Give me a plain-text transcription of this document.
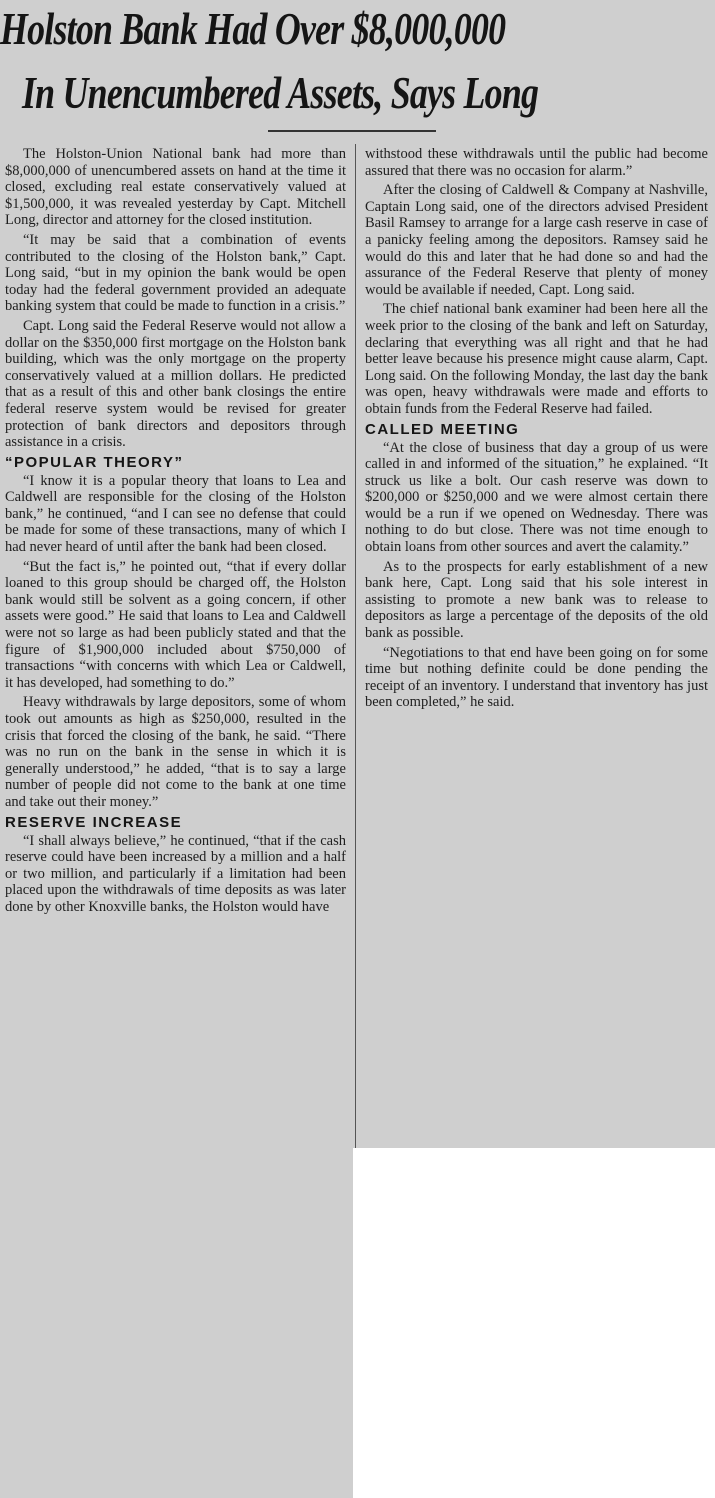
Holston Bank Had Over $8,000,000
In Unencumbered Assets, Says Long

withstood these withdrawals until the public had become assured that there was no occasion for alarm.”

After the closing of Caldwell & Company at Nashville, Captain Long said, one of the directors advised President Basil Ramsey to arrange for a large cash reserve in case of a panicky feeling among the depositors. Ramsey said he would do this and later that he had done so and had the assurance of the Federal Reserve that plenty of money would be available if needed, Capt. Long said.

The chief national bank examiner had been here all the week prior to the closing of the bank and left on Saturday, declaring that everything was all right and that he had better leave because his presence might cause alarm, Capt. Long said. On the following Monday, the last day the bank was open, heavy withdrawals were made and efforts to obtain funds from the Federal Reserve had failed.

CALLED MEETING

“At the close of business that day a group of us were called in and informed of the situation,” he explained. “It struck us like a bolt. Our cash reserve was down to $200,000 or $250,000 and we were almost certain there would be a run if we opened on Wednesday. There was nothing to do but close. There was not time enough to obtain loans from other sources and avert the calamity.”

As to the prospects for early establishment of a new bank here, Capt. Long said that his sole interest in assisting to promote a new bank was to release to depositors as large a percentage of the deposits of the old bank as possible.

“Negotiations to that end have been going on for some time but nothing definite could be done pending the receipt of an inventory. I understand that inventory has just been completed,” he said.

The Holston-Union National bank had more than $8,000,000 of unencumbered assets on hand at the time it closed, excluding real estate conservatively valued at $1,500,000, it was revealed yesterday by Capt. Mitchell Long, director and attorney for the closed institution.

“It may be said that a combination of events contributed to the closing of the Holston bank,” Capt. Long said, “but in my opinion the bank would be open today had the federal government provided an adequate banking system that could be made to function in a crisis.”

Capt. Long said the Federal Reserve would not allow a dollar on the $350,000 first mortgage on the Holston bank building, which was the only mortgage on the property conservatively valued at a million dollars. He predicted that as a result of this and other bank closings the entire federal reserve system would be revised for greater protection of bank directors and depositors through assistance in a crisis.

“POPULAR THEORY”

“I know it is a popular theory that loans to Lea and Caldwell are responsible for the closing of the Holston bank,” he continued, “and I can see no defense that could be made for some of these transactions, many of which I had never heard of until after the bank had been closed.

“But the fact is,” he pointed out, “that if every dollar loaned to this group should be charged off, the Holston bank would still be solvent as a going concern, if other assets were good.” He said that loans to Lea and Caldwell were not so large as had been publicly stated and that the figure of $1,900,000 included about $750,000 of transactions “with concerns with which Lea or Caldwell, it has developed, had something to do.”

Heavy withdrawals by large depositors, some of whom took out amounts as high as $250,000, resulted in the crisis that forced the closing of the bank, he said. “There was no run on the bank in the sense in which it is generally understood,” he added, “that is to say a large number of people did not come to the bank at one time and take out their money.”

RESERVE INCREASE

“I shall always believe,” he continued, “that if the cash reserve could have been increased by a million and a half or two million, and particularly if a limitation had been placed upon the withdrawals of time deposits as was later done by other Knoxville banks, the Holston would have
